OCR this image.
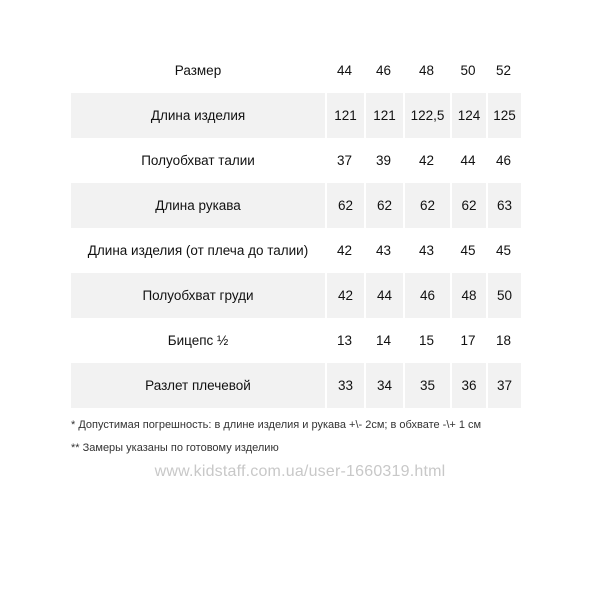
Размер	44	46	48	50	52
Длина изделия	121	121	122,5	124	125
Полуобхват талии	37	39	42	44	46
Длина рукава	62	62	62	62	63
Длина изделия (от плеча до талии)	42	43	43	45	45
Полуобхват груди	42	44	46	48	50
Бицепс ½	13	14	15	17	18
Разлет плечевой	33	34	35	36	37
* Допустимая погрешность: в длине изделия и рукава +\- 2см; в обхвате -\+ 1 см
** Замеры указаны по готовому изделию
www.kidstaff.com.ua/user-1660319.html
